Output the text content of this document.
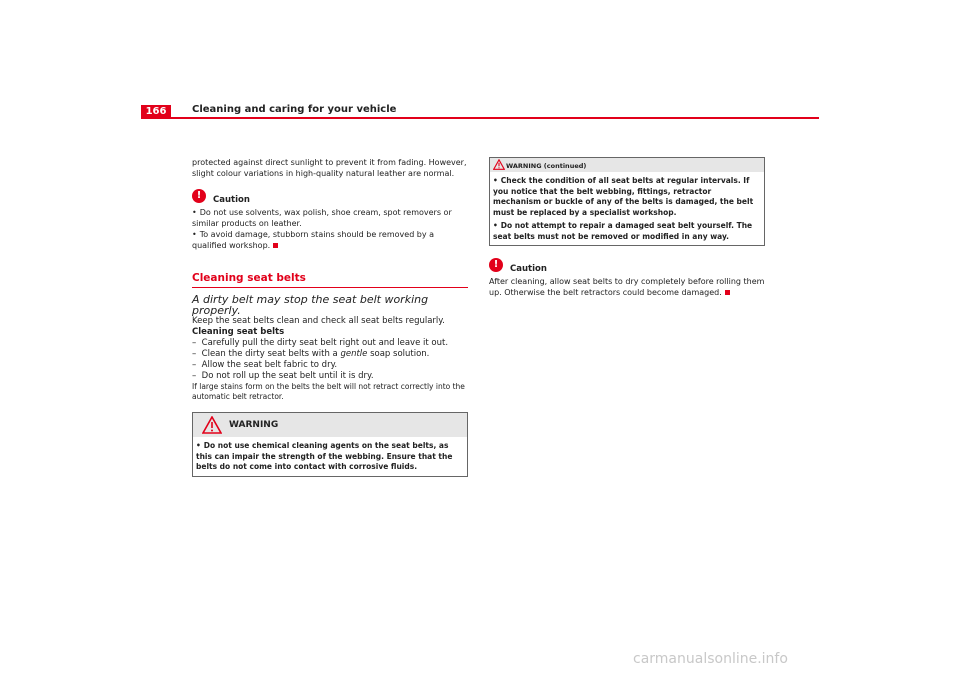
166	Cleaning and caring for your vehicle

protected against direct sunlight to prevent it from fading. However, slight colour variations in high-quality natural leather are normal.

!	Caution

• Do not use solvents, wax polish, shoe cream, spot removers or similar products on leather.

• To avoid damage, stubborn stains should be removed by a qualified workshop.

Cleaning seat belts
A dirty belt may stop the seat belt working properly.

Keep the seat belts clean and check all seat belts regularly.

Cleaning seat belts

– Carefully pull the dirty seat belt right out and leave it out.

– Clean the dirty seat belts with a gentle soap solution.

– Allow the seat belt fabric to dry.

– Do not roll up the seat belt until it is dry.

If large stains form on the belts the belt will not retract correctly into the automatic belt retractor.

WARNING
• Do not use chemical cleaning agents on the seat belts, as this can impair the strength of the webbing. Ensure that the belts do not come into contact with corrosive fluids.
WARNING (continued)

• Check the condition of all seat belts at regular intervals. If you notice that the belt webbing, fittings, retractor mechanism or buckle of any of the belts is damaged, the belt must be replaced by a specialist workshop.

• Do not attempt to repair a damaged seat belt yourself. The seat belts must not be removed or modified in any way.

!	Caution

After cleaning, allow seat belts to dry completely before rolling them up. Otherwise the belt retractors could become damaged.

carmanualsonline.info
